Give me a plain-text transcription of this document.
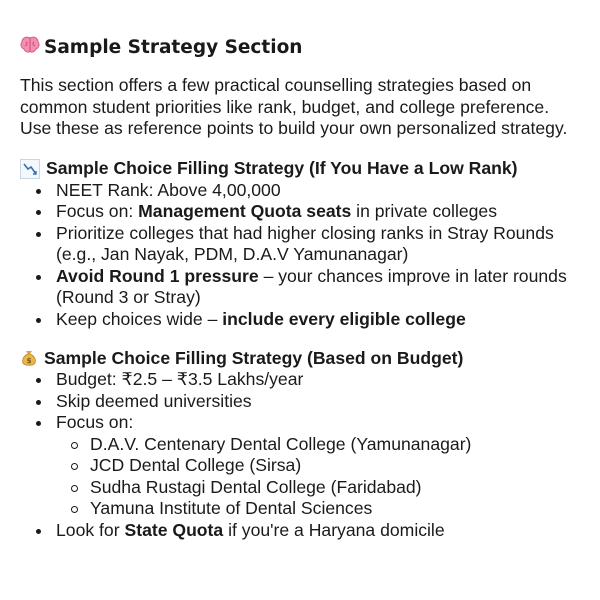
Sample Strategy Section

This section offers a few practical counselling strategies based on common student priorities like rank, budget, and college preference. Use these as reference points to build your own personalized strategy.

Sample Choice Filling Strategy (If You Have a Low Rank)
NEET Rank: Above 4,00,000
Focus on: Management Quota seats in private colleges
Prioritize colleges that had higher closing ranks in Stray Rounds (e.g., Jan Nayak, PDM, D.A.V Yamunanagar)
Avoid Round 1 pressure – your chances improve in later rounds (Round 3 or Stray)
Keep choices wide – include every eligible college
$ Sample Choice Filling Strategy (Based on Budget)
Budget: ₹2.5 – ₹3.5 Lakhs/year
Skip deemed universities
Focus on:
D.A.V. Centenary Dental College (Yamunanagar)
JCD Dental College (Sirsa)
Sudha Rustagi Dental College (Faridabad)
Yamuna Institute of Dental Sciences
Look for State Quota if you're a Haryana domicile
